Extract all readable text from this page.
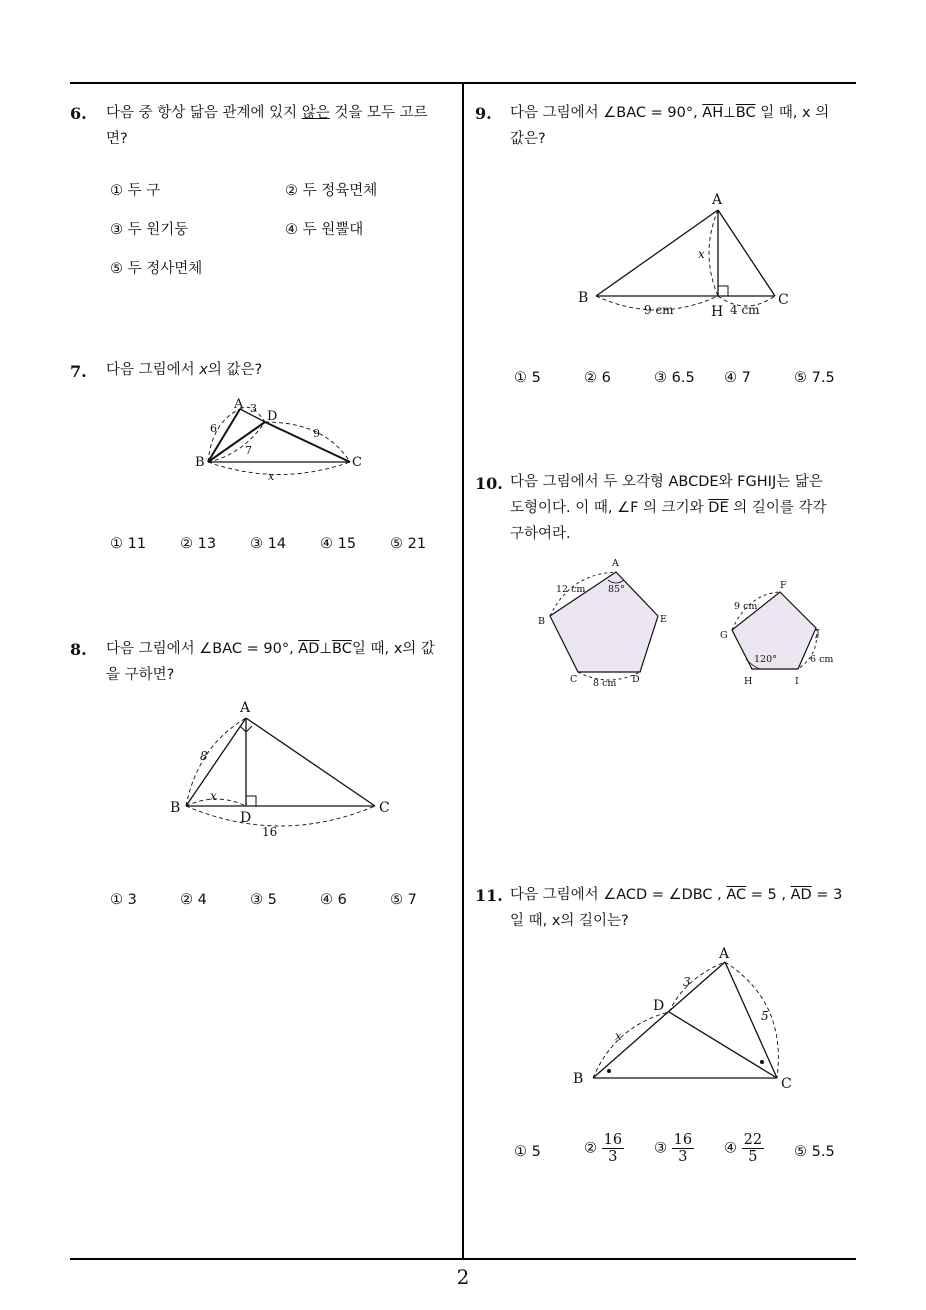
6. 다음 중 항상 닮음 관계에 있지 않은 것을 모두 고르
면?
① 두 구	② 두 정육면체
③ 두 원기둥	④ 두 원뿔대
⑤ 두 정사면체
7. 다음 그림에서 x의 값은?
A
D
B	C
3
6
7
9
x
① 11 ② 13 ③ 14 ④ 15 ⑤ 21
8. 다음 그림에서 ∠BAC = 90°, $\overline{AD}\perp\overline{BC}$일 때, x의 값
을 구하면?
A
B	C
D
8
x
16
① 3	② 4	③ 5	④ 6	⑤ 7
9. 다음 그림에서 ∠BAC = 90°, $\overline{AH}\perp\overline{BC}$ 일 때, x 의
값은?
A
B	C
H
x
9 cm	4 cm
① 5	② 6	③ 6.5 ④ 7	⑤ 7.5
10. 다음 그림에서 두 오각형 ABCDE와 FGHIJ는 닮은
도형이다. 이 때, ∠F 의 크기와 $\overline{DE}$ 의 길이를 각각
구하여라.
A
B
C	D
E
12 cm 85°
8 cm
F
G
H	I
J
9 cm
120°	6 cm
11. 다음 그림에서 ∠ACD = ∠DBC , $\overline{AC} = 5$ , $\overline{AD} = 3$
일 때, x의 길이는?
A
D
B	C
3
5
x
① 5	② $\frac{16}{3}$ ③ $\frac{16}{3}$ ④ $\frac{22}{5}$ ⑤ 5.5
2
